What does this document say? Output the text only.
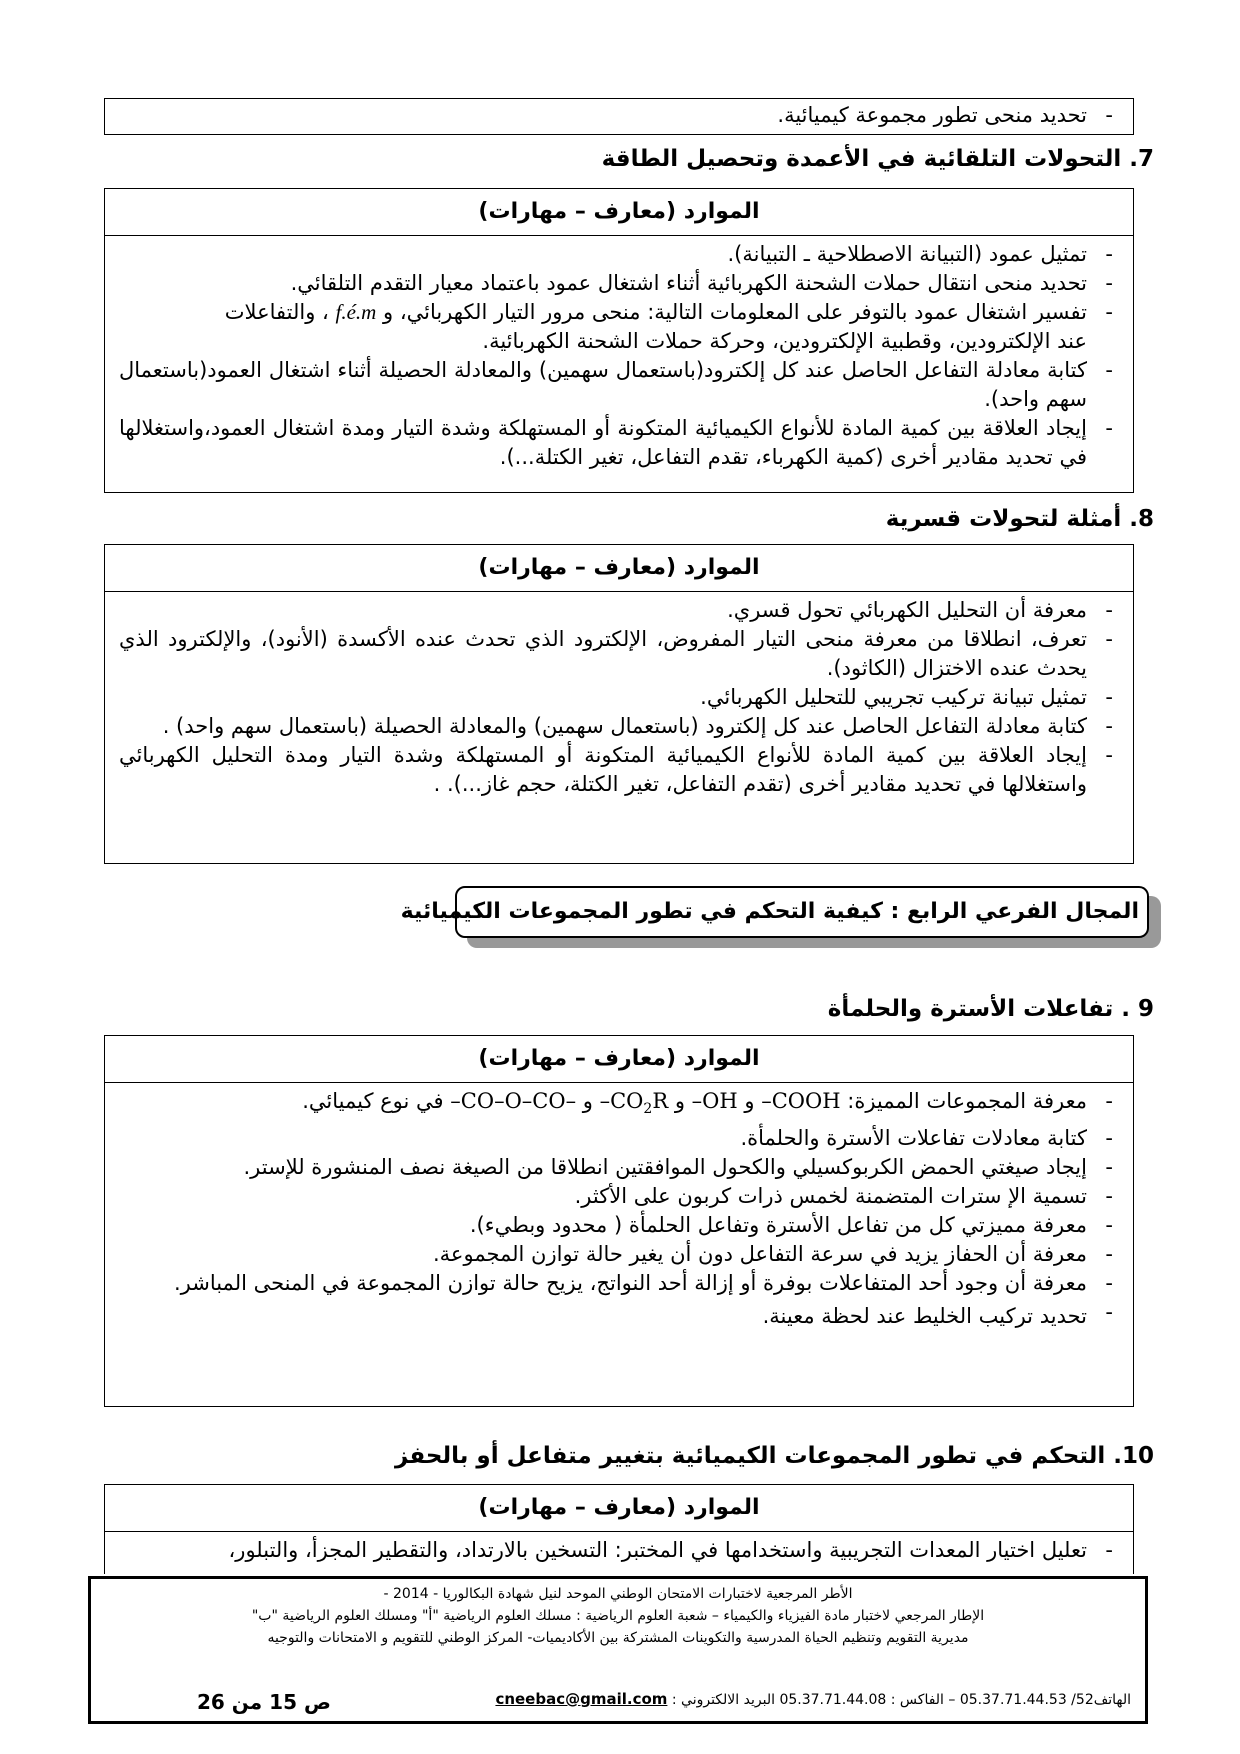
- تحديد منحى تطور مجموعة كيميائية.
7. التحولات التلقائية في الأعمدة وتحصيل الطاقة
الموارد (معارف – مهارات)
- تمثيل عمود (التبيانة الاصطلاحية ـ التبيانة).
- تحديد منحى انتقال حملات الشحنة الكهربائية أثناء اشتغال عمود باعتماد معيار التقدم التلقائي.
- تفسير اشتغال عمود بالتوفر على المعلومات التالية: منحى مرور التيار الكهربائي، و f.é.m ، والتفاعلات
عند الإلكترودين، وقطبية الإلكترودين، وحركة حملات الشحنة الكهربائية.
- كتابة معادلة التفاعل الحاصل عند كل إلكترود(باستعمال سهمين) والمعادلة الحصيلة أثناء اشتغال العمود(باستعمال سهم واحد).
- إيجاد العلاقة بين كمية المادة للأنواع الكيميائية المتكونة أو المستهلكة وشدة التيار ومدة اشتغال العمود،واستغلالها في تحديد مقادير أخرى (كمية الكهرباء، تقدم التفاعل، تغير الكتلة...).
8. أمثلة لتحولات قسرية
الموارد (معارف – مهارات)
- معرفة أن التحليل الكهربائي تحول قسري.
- تعرف، انطلاقا من معرفة منحى التيار المفروض، الإلكترود الذي تحدث عنده الأكسدة (الأنود)، والإلكترود الذي يحدث عنده الاختزال (الكاثود).
- تمثيل تبيانة تركيب تجريبي للتحليل الكهربائي.
- كتابة معادلة التفاعل الحاصل عند كل إلكترود (باستعمال سهمين) والمعادلة الحصيلة (باستعمال سهم واحد) .
- إيجاد العلاقة بين كمية المادة للأنواع الكيميائية المتكونة أو المستهلكة وشدة التيار ومدة التحليل الكهربائي واستغلالها في تحديد مقادير أخرى (تقدم التفاعل، تغير الكتلة، حجم غاز...). .
المجال الفرعي الرابع : كيفية التحكم في تطور المجموعات الكيميائية
9 . تفاعلات الأسترة والحلمأة
الموارد (معارف – مهارات)
- معرفة المجموعات المميزة: –COOH و –OH و $-CO_2R$ و –CO–O–CO– في نوع كيميائي.
- كتابة معادلات تفاعلات الأسترة والحلمأة.
- إيجاد صيغتي الحمض الكربوكسيلي والكحول الموافقتين انطلاقا من الصيغة نصف المنشورة للإستر.
- تسمية الإ سترات المتضمنة لخمس ذرات كربون على الأكثر.
- معرفة مميزتي كل من تفاعل الأسترة وتفاعل الحلمأة ( محدود وبطيء).
- معرفة أن الحفاز يزيد في سرعة التفاعل دون أن يغير حالة توازن المجموعة.
- معرفة أن وجود أحد المتفاعلات بوفرة أو إزالة أحد النواتج، يزيح حالة توازن المجموعة في المنحى المباشر.
- تحديد تركيب الخليط عند لحظة معينة.
10. التحكم في تطور المجموعات الكيميائية بتغيير متفاعل أو بالحفز
الموارد (معارف – مهارات)
- تعليل اختيار المعدات التجريبية واستخدامها في المختبر: التسخين بالارتداد، والتقطير المجزأ، والتبلور،
الأطر المرجعية لاختبارات الامتحان الوطني الموحد لنيل شهادة البكالوريا - 2014 -
الإطار المرجعي لاختبار مادة الفيزياء والكيمياء – شعبة العلوم الرياضية : مسلك العلوم الرياضية "أ" ومسلك العلوم الرياضية "ب"
مديرية التقويم وتنظيم الحياة المدرسية والتكوينات المشتركة بين الأكاديميات- المركز الوطني للتقويم و الامتحانات والتوجيه
الهاتف52/ 05.37.71.44.53 – الفاكس : 05.37.71.44.08 البريد الالكتروني : cneebac@gmail.com
ص 15 من 26
